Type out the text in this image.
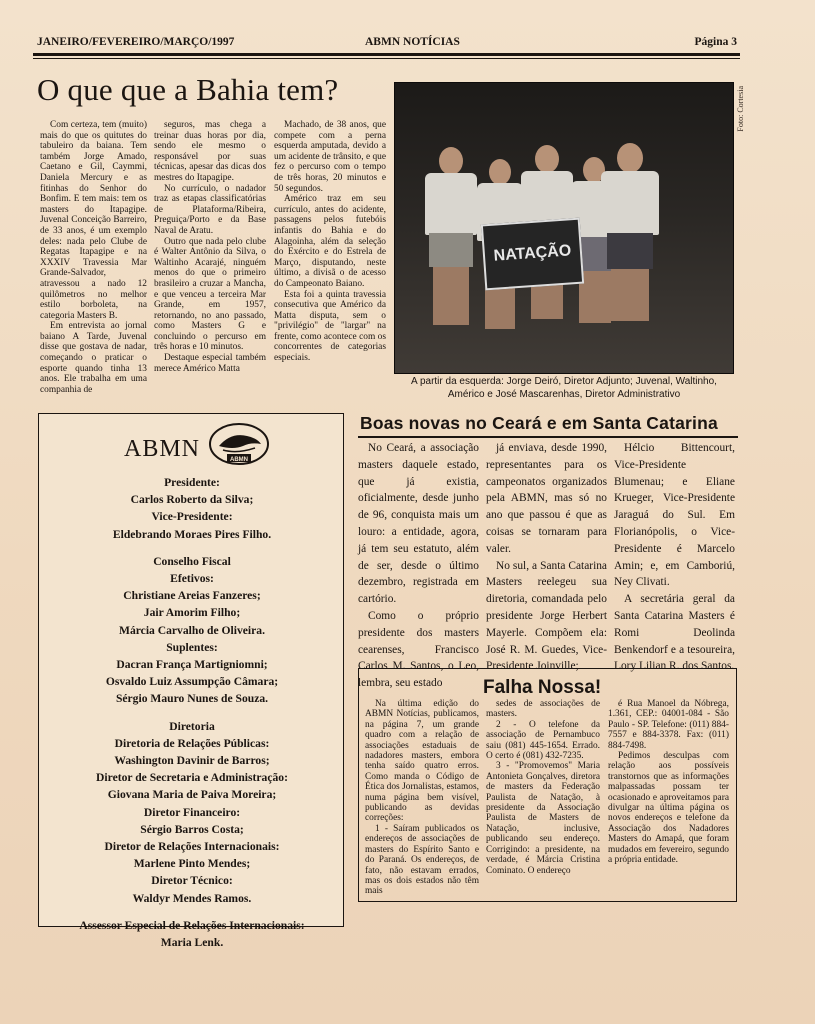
JANEIRO/FEVEREIRO/MARÇO/1997	ABMN NOTÍCIAS	Página 3
O que que a Bahia tem?

Com certeza, tem (muito) mais do que os quitutes do tabuleiro da baiana. Tem também Jorge Amado, Caetano e Gil, Caymmi, Daniela Mercury e as fitinhas do Senhor do Bonfim. E tem mais: tem os masters do Itapagipe. Juvenal Conceição Barreiro, de 33 anos, é um exemplo deles: nada pelo Clube de Regatas Itapagipe e na XXXIV Travessia Mar Grande-Salvador, atravessou a nado 12 quilômetros no melhor estilo borboleta, na categoria Masters B.

Em entrevista ao jornal baiano A Tarde, Juvenal disse que gostava de nadar, começando o praticar o esporte quando tinha 13 anos. Ele trabalha em uma companhia de

seguros, mas chega a treinar duas horas por dia, sendo ele mesmo o responsável por suas técnicas, apesar das dicas dos mestres do Itapagipe.

No currículo, o nadador traz as etapas classificatórias de Plataforma/Ribeira, Preguiça/Porto e da Base Naval de Aratu.

Outro que nada pelo clube é Walter Antônio da Silva, o Waltinho Acarajé, ninguém menos do que o primeiro brasileiro a cruzar a Mancha, e que venceu a terceira Mar Grande, em 1957, retornando, no ano passado, como Masters G e concluindo o percurso em três horas e 10 minutos.

Destaque especial também merece Américo Matta

Machado, de 38 anos, que compete com a perna esquerda amputada, devido a um acidente de trânsito, e que fez o percurso com o tempo de três horas, 20 minutos e 50 segundos.

Américo traz em seu currículo, antes do acidente, passagens pelos futebóis infantis do Bahia e do Alagoinha, além da seleção do Exército e do Estrela de Março, disputando, neste último, a divisã o de acesso do Campeonato Baiano.

Esta foi a quinta travessia consecutiva que Américo da Matta disputa, sem o "privilégio" de "largar" na frente, como acontece com os concorrentes de categorias especiais.

NATAÇÃO
Foto: Cortesia
A partir da esquerda: Jorge Deiró, Diretor Adjunto; Juvenal, Waltinho, Américo e José Mascarenhas, Diretor Administrativo
ABMN	ABMN
Presidente:
Carlos Roberto da Silva;
Vice-Presidente:
Eldebrando Moraes Pires Filho.
Conselho Fiscal
Efetivos:
Christiane Areias Fanzeres;
Jair Amorim Filho;
Márcia Carvalho de Oliveira.
Suplentes:
Dacran França Martigniomni;
Osvaldo Luiz Assumpção Câmara;
Sérgio Mauro Nunes de Souza.
Diretoria
Diretoria de Relações Públicas:
Washington Davinir de Barros;
Diretor de Secretaria e Administração:
Giovana Maria de Paiva Moreira;
Diretor Financeiro:
Sérgio Barros Costa;
Diretor de Relações Internacionais:
Marlene Pinto Mendes;
Diretor Técnico:
Waldyr Mendes Ramos.
Assessor Especial de Relações Internacionais:
Maria Lenk.
Boas novas no Ceará e em Santa Catarina

No Ceará, a associação masters daquele estado, que já existia, oficialmente, desde junho de 96, conquista mais um louro: a entidade, agora, já tem seu estatuto, além de ser, desde o último dezembro, registrada em cartório.

Como o próprio presidente dos masters cearenses, Francisco Carlos M. Santos, o Leo, lembra, seu estado

já enviava, desde 1990, representantes para os campeonatos organizados pela ABMN, mas só no ano que passou é que as coisas se tornaram para valer.

No sul, a Santa Catarina Masters reelegeu sua diretoria, comandada pelo presidente Jorge Herbert Mayerle. Compõem ela: José R. M. Guedes, Vice-Presidente Joinville;

Hélcio Bittencourt, Vice-Presidente Blumenau; e Eliane Krueger, Vice-Presidente Jaraguá do Sul. Em Florianópolis, o Vice-Presidente é Marcelo Amin; e, em Camboriú, Ney Clivati.

A secretária geral da Santa Catarina Masters é Romi Deolinda Benkendorf e a tesoureira, Lory Lilian R. dos Santos.

Falha Nossa!

Na última edição do ABMN Notícias, publicamos, na página 7, um grande quadro com a relação de associações estaduais de nadadores masters, embora tenha saído quatro erros. Como manda o Código de Ética dos Jornalistas, estamos, numa página bem visível, publicando as devidas correções:

1 - Saíram publicados os endereços de associações de masters do Espírito Santo e do Paraná. Os endereços, de fato, não estavam errados, mas os dois estados não têm mais

sedes de associações de masters.

2 - O telefone da associação de Pernambuco saiu (081) 445-1654. Errado. O certo é (081) 432-7235.

3 - "Promovemos" Maria Antonieta Gonçalves, diretora de masters da Federação Paulista de Natação, à presidente da Associação Paulista de Masters de Natação, inclusive, publicando seu endereço. Corrigindo: a presidente, na verdade, é Márcia Cristina Cominato. O endereço

é Rua Manoel da Nóbrega, 1.361, CEP.: 04001-084 - São Paulo - SP. Telefone: (011) 884-7557 e 884-3378. Fax: (011) 884-7498.

Pedimos desculpas com relação aos possíveis transtornos que as informações malpassadas possam ter ocasionado e aproveitamos para divulgar na última página os novos endereços e telefone da Associação dos Nadadores Masters do Amapá, que foram mudados em fevereiro, segundo a própria entidade.
